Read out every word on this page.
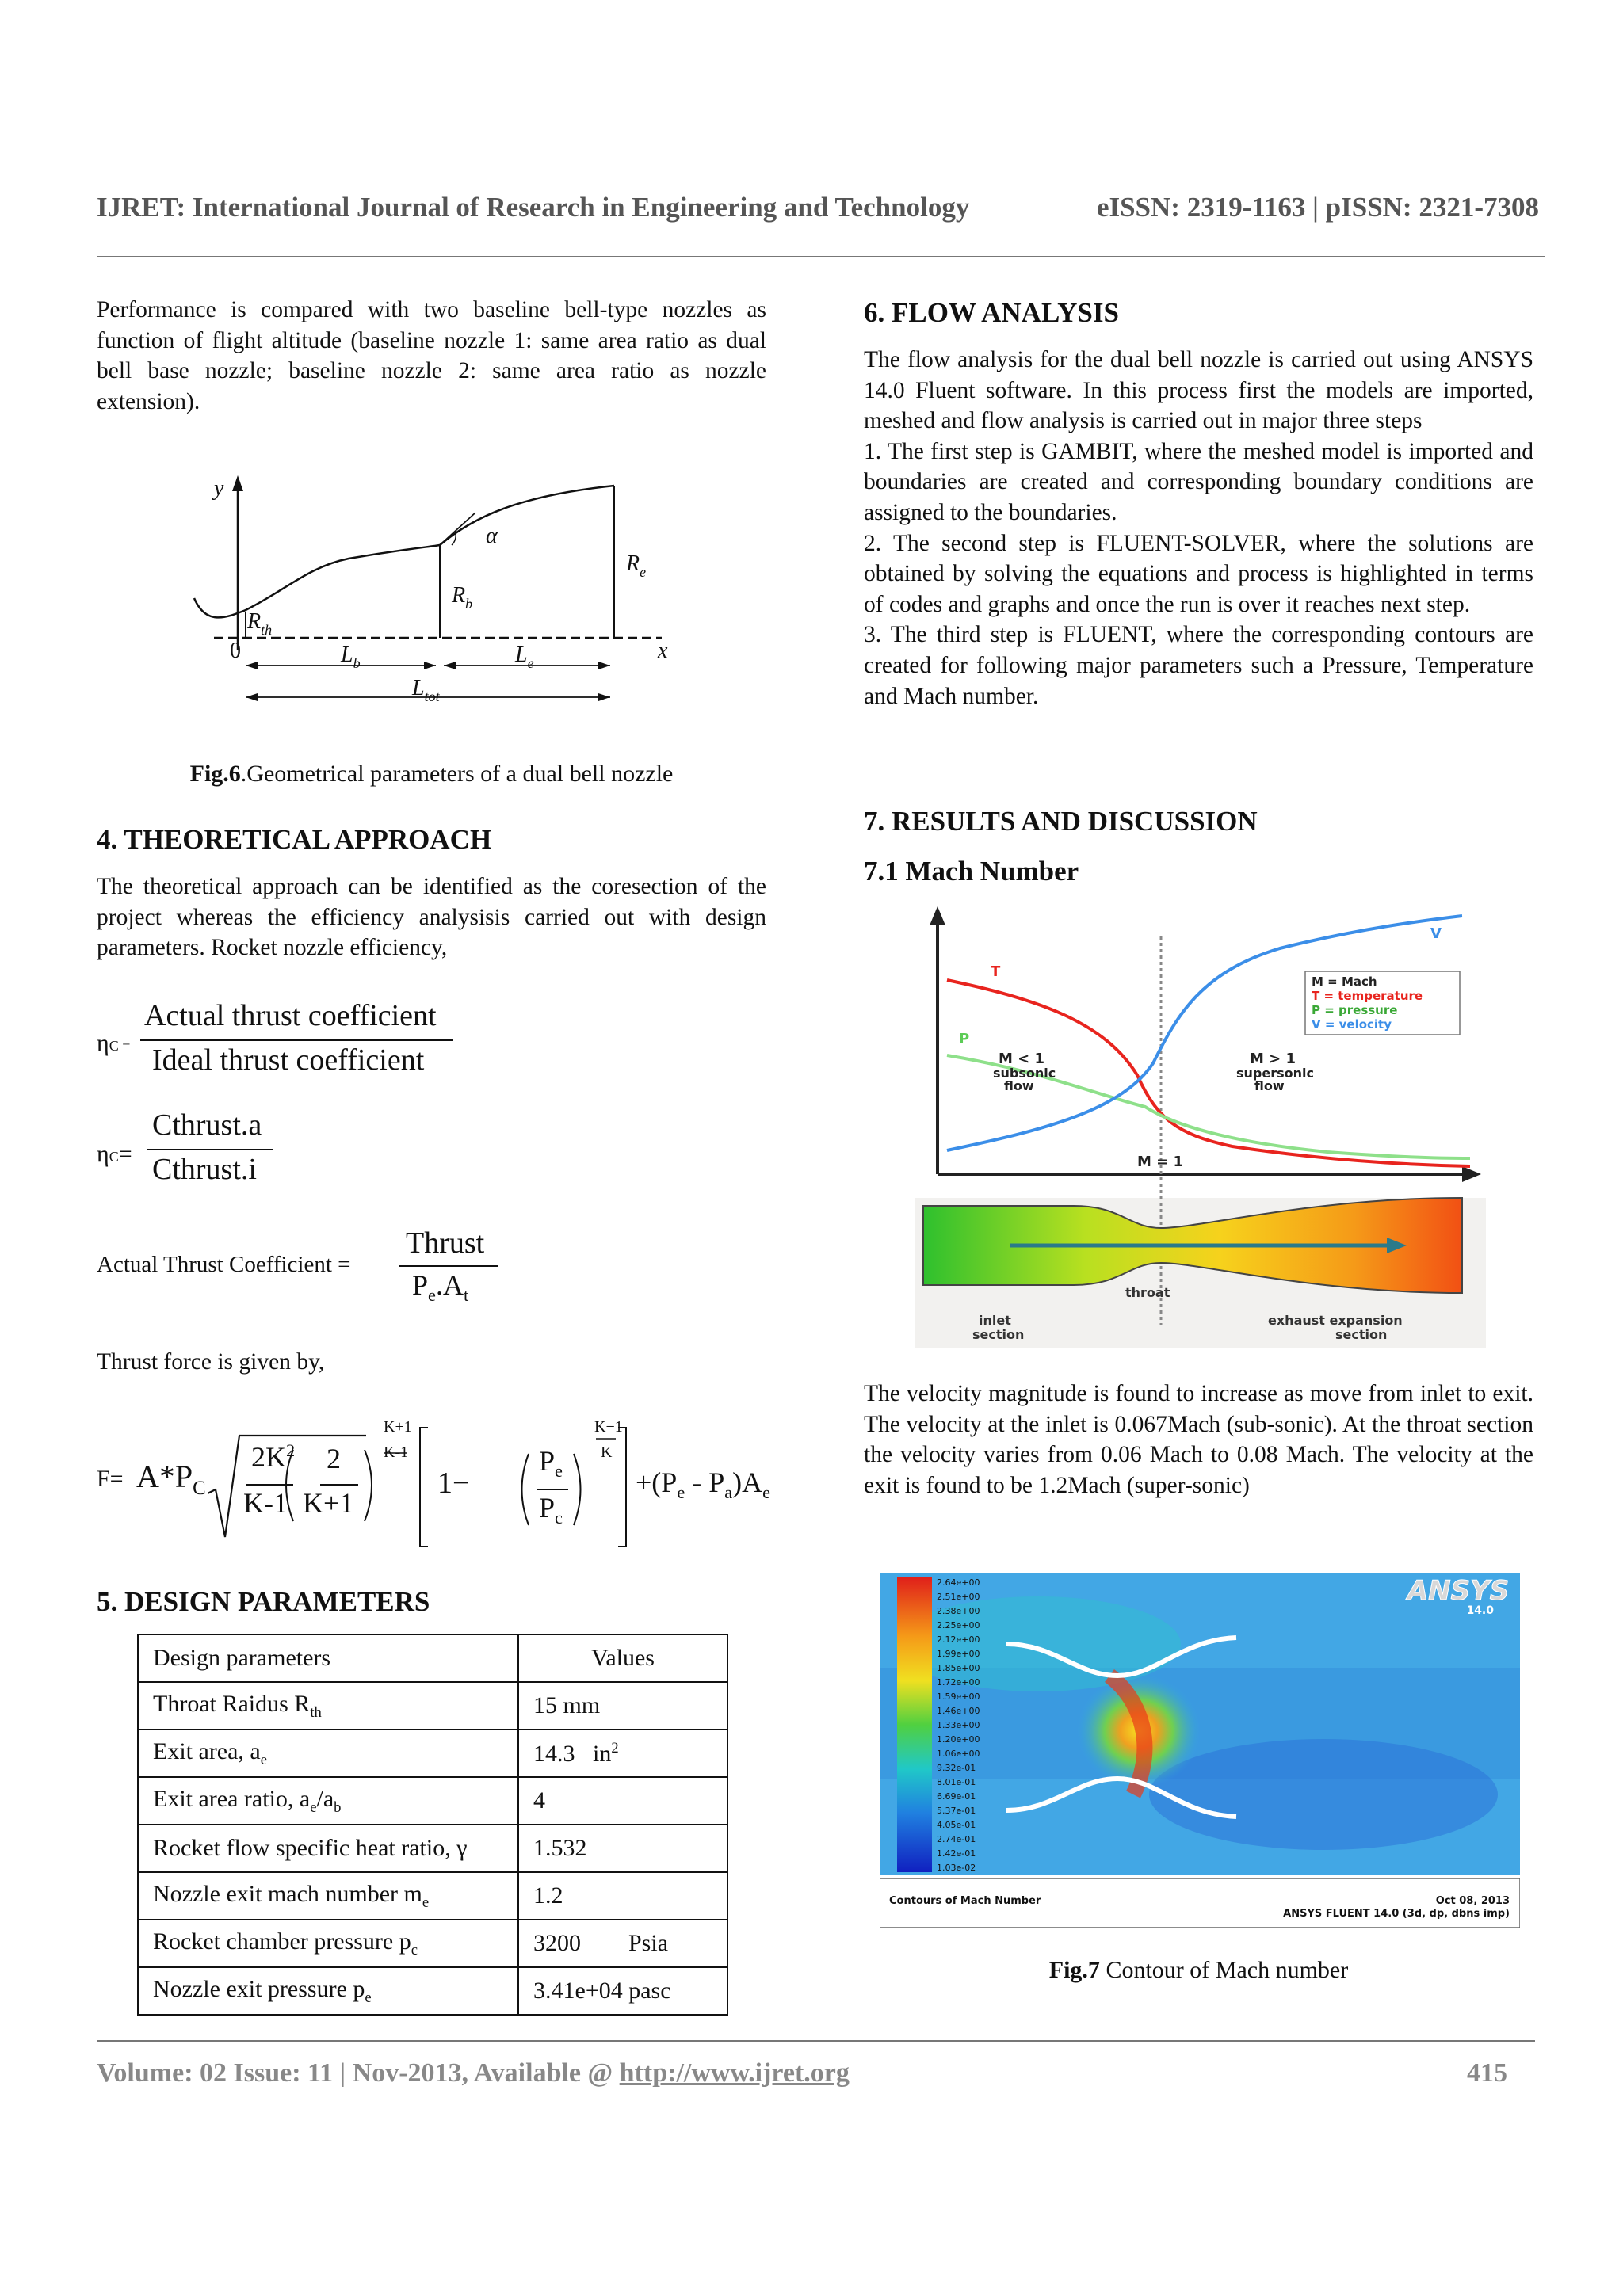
IJRET: International Journal of Research in Engineering and Technology	eISSN: 2319-1163 | pISSN: 2321-7308
Performance is compared with two baseline bell-type nozzles as function of flight altitude (baseline nozzle 1: same area ratio as dual bell base nozzle; baseline nozzle 2: same area ratio as nozzle extension).
y
α
$R_e$
$R_b$
$R_{th}$
0	x
$L_b$	$L_e$
$L_{tot}$
Fig.6.Geometrical parameters of a dual bell nozzle
4. THEORETICAL APPROACH
The theoretical approach can be identified as the coresection of the project whereas the efficiency analysisis carried out with design parameters. Rocket nozzle efficiency,
ηC =
Actual thrust coefficient
Ideal thrust coefficient
ηC=
Cthrust.a
Cthrust.i
Actual Thrust Coefficient =
Thrust
$P_e.A_t$
Thrust force is given by,
$F= A*P_C$
$2K^2$
K-1
2
K+1
K+1
K-1
1−
$P_e$
$P_c$
K−1
K
$+(P_e - P_a)A_e$
5. DESIGN PARAMETERS
Design parameters	Values
Throat Raidus $R_{th}$	15 mm
Exit area, $a_e$	14.3   $in^2$
Exit area ratio, $a_e/a_b$	4
Rocket flow specific heat ratio, γ	1.532
Nozzle exit mach number $m_e$	1.2
Rocket chamber pressure $p_c$	3200        Psia
Nozzle exit pressure $p_e$	3.41e+04 pasc
6. FLOW ANALYSIS
The flow analysis for the dual bell nozzle is carried out using ANSYS 14.0 Fluent software. In this process first the models are imported, meshed and flow analysis is carried out in major three steps
1. The first step is GAMBIT, where the meshed model is imported and boundaries are created and corresponding boundary conditions are assigned to the boundaries.
2. The second step is FLUENT-SOLVER, where the solutions are obtained by solving the equations and process is highlighted in terms of codes and graphs and once the run is over it reaches next step.
3. The third step is FLUENT, where the corresponding contours are created for following major parameters such a Pressure, Temperature and Mach number.
7. RESULTS AND DISCUSSION
7.1 Mach Number
T
P
V
M < 1
subsonic
flow
M > 1
supersonic
flow
M = 1
M = Mach
T = temperature
P = pressure
V = velocity
throat
inlet
section
exhaust expansion
section
The velocity magnitude is found to increase as move from inlet to exit. The velocity at the inlet is 0.067Mach (sub-sonic). At the throat section the velocity varies from 0.06 Mach to 0.08 Mach. The velocity at the exit is found to be 1.2Mach (super-sonic)
2.64e+00
2.51e+00
2.38e+00
2.25e+00
2.12e+00
1.99e+00
1.85e+00
1.72e+00
1.59e+00
1.46e+00
1.33e+00
1.20e+00
1.06e+00
9.32e-01
8.01e-01
6.69e-01
5.37e-01
4.05e-01
2.74e-01
1.42e-01
1.03e-02
ANSYS
14.0
Contours of Mach Number	Oct 08, 2013
ANSYS FLUENT 14.0 (3d, dp, dbns imp)
Fig.7 Contour of Mach number
Volume: 02 Issue: 11 | Nov-2013, Available @ http://www.ijret.org	415
